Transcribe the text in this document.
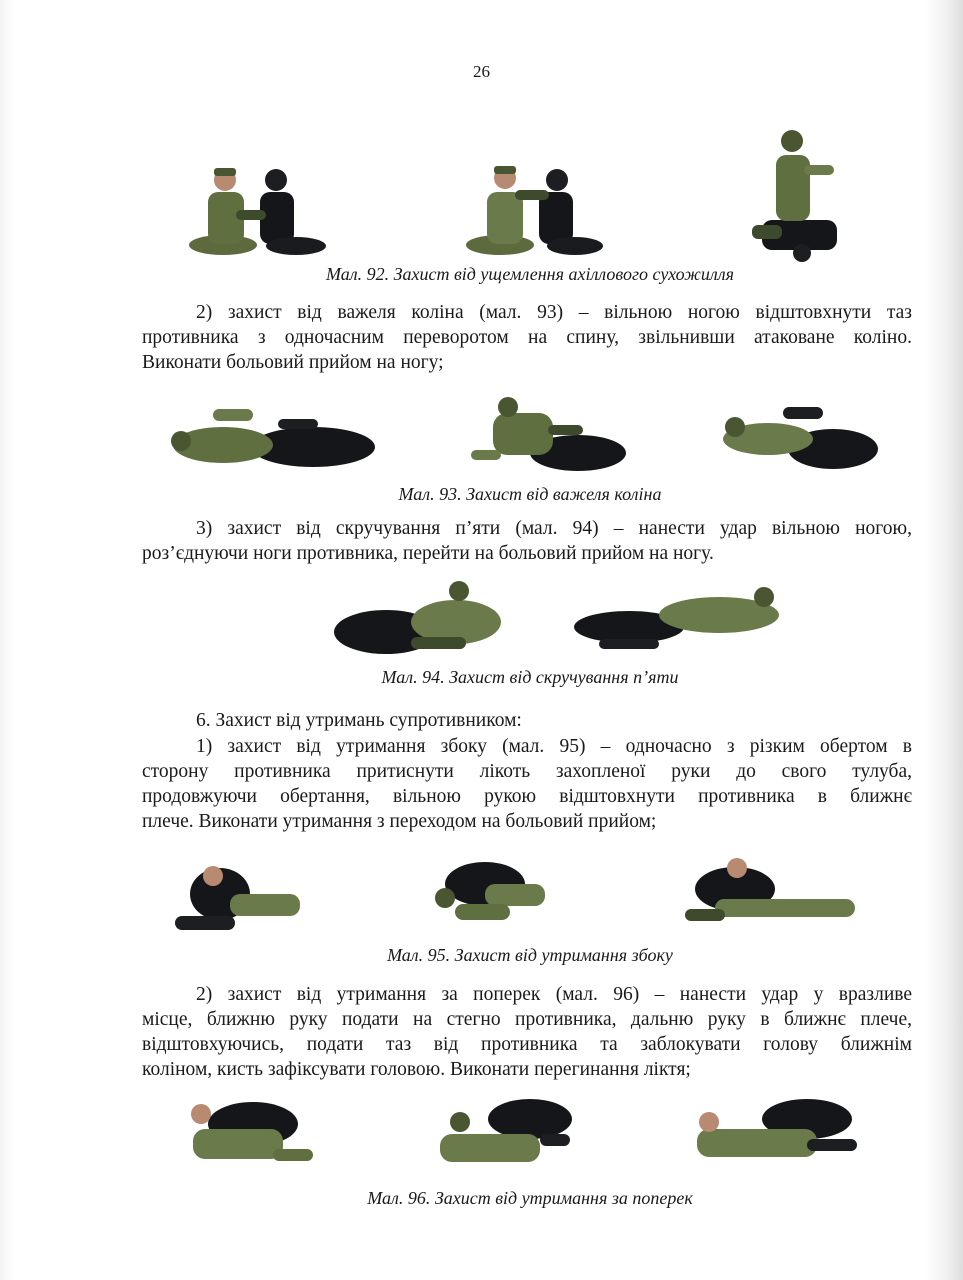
26
Мал. 92. Захист від ущемлення ахіллового сухожилля

2) захист від важеля коліна (мал. 93) – вільною ногою відштовхнути таз
противника з одночасним переворотом на спину, звільнивши атаковане коліно.
Виконати больовий прийом на ногу;

Мал. 93. Захист від важеля коліна

3) захист від скручування п’яти (мал. 94) – нанести удар вільною ногою,
роз’єднуючи ноги противника, перейти на больовий прийом на ногу.

Мал. 94. Захист від скручування п’яти

6. Захист від утримань супротивником:

1) захист від утримання збоку (мал. 95) – одночасно з різким обертом в
сторону противника притиснути лікоть захопленої руки до свого тулуба,
продовжуючи обертання, вільною рукою відштовхнути противника в ближнє
плече. Виконати утримання з переходом на больовий прийом;

Мал. 95. Захист від утримання збоку

2) захист від утримання за поперек (мал. 96) – нанести удар у вразливе
місце, ближню руку подати на стегно противника, дальню руку в ближнє плече,
відштовхуючись, подати таз від противника та заблокувати голову ближнім
коліном, кисть зафіксувати головою. Виконати перегинання ліктя;

Мал. 96. Захист від утримання за поперек
